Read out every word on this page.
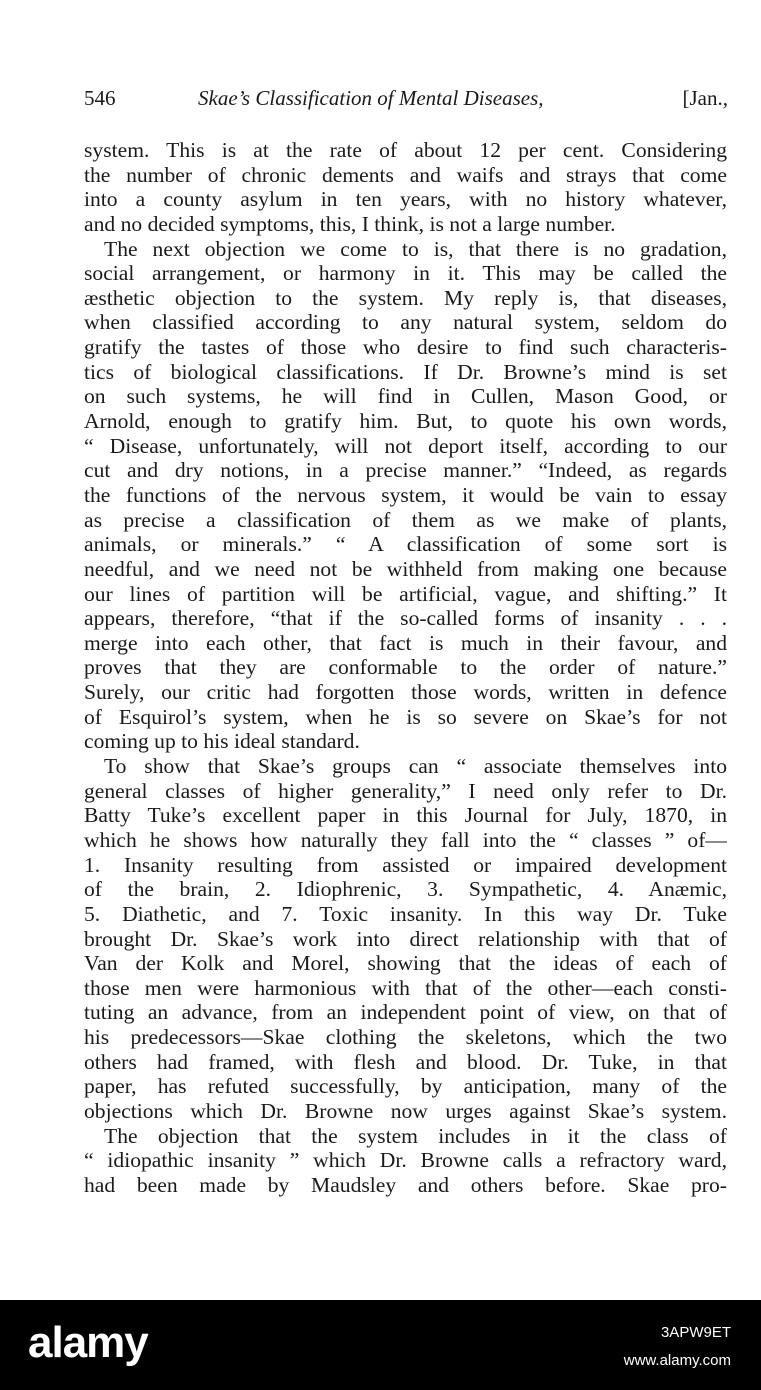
546	Skae’s Classification of Mental Diseases,	[Jan.,
system. This is at the rate of about 12 per cent. Considering
the number of chronic dements and waifs and strays that come
into a county asylum in ten years, with no history whatever,
and no decided symptoms, this, I think, is not a large number.
The next objection we come to is, that there is no gradation,
social arrangement, or harmony in it. This may be called the
æsthetic objection to the system. My reply is, that diseases,
when classified according to any natural system, seldom do
gratify the tastes of those who desire to find such characteris-
tics of biological classifications. If Dr. Browne’s mind is set
on such systems, he will find in Cullen, Mason Good, or
Arnold, enough to gratify him. But, to quote his own words,
“ Disease, unfortunately, will not deport itself, according to our
cut and dry notions, in a precise manner.” “Indeed, as regards
the functions of the nervous system, it would be vain to essay
as precise a classification of them as we make of plants,
animals, or minerals.” “ A classification of some sort is
needful, and we need not be withheld from making one because
our lines of partition will be artificial, vague, and shifting.” It
appears, therefore, “that if the so-called forms of insanity . . .
merge into each other, that fact is much in their favour, and
proves that they are conformable to the order of nature.”
Surely, our critic had forgotten those words, written in defence
of Esquirol’s system, when he is so severe on Skae’s for not
coming up to his ideal standard.
To show that Skae’s groups can “ associate themselves into
general classes of higher generality,” I need only refer to Dr.
Batty Tuke’s excellent paper in this Journal for July, 1870, in
which he shows how naturally they fall into the “ classes ” of—
1. Insanity resulting from assisted or impaired development
of the brain, 2. Idiophrenic, 3. Sympathetic, 4. Anæmic,
5. Diathetic, and 7. Toxic insanity. In this way Dr. Tuke
brought Dr. Skae’s work into direct relationship with that of
Van der Kolk and Morel, showing that the ideas of each of
those men were harmonious with that of the other—each consti-
tuting an advance, from an independent point of view, on that of
his predecessors—Skae clothing the skeletons, which the two
others had framed, with flesh and blood. Dr. Tuke, in that
paper, has refuted successfully, by anticipation, many of the
objections which Dr. Browne now urges against Skae’s system.
The objection that the system includes in it the class of
“ idiopathic insanity ” which Dr. Browne calls a refractory ward,
had been made by Maudsley and others before. Skae pro-
alamy	3APW9ET
www.alamy.com
